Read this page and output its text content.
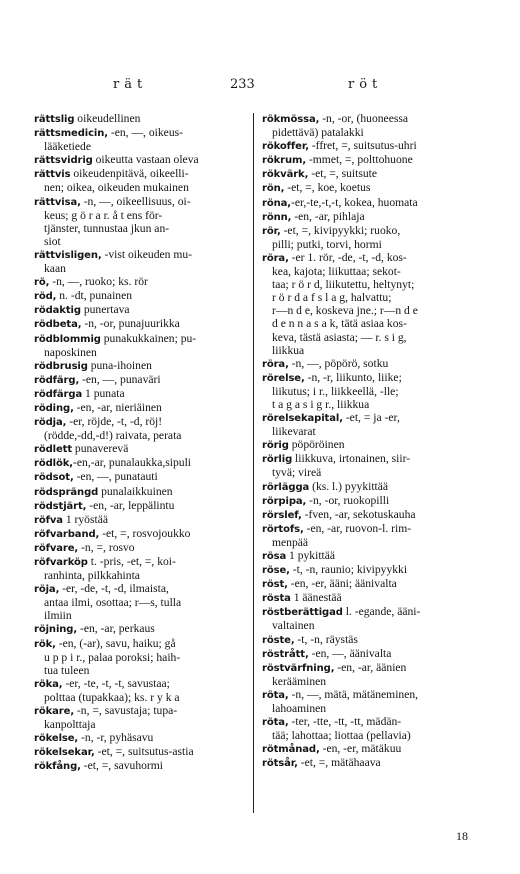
rät	233	röt
rättslig oikeudellinen
rättsmedicin, -en, —, oikeus-
lääketiede
rättsvidrig oikeutta vastaan oleva
rättvis oikeudenpitävä, oikeelli-
nen; oikea, oikeuden mukainen
rättvisa, -n, —, oikeellisuus, oi-
keus; g ö r a r. å t ens för-
tjänster, tunnustaa jkun an-
siot
rättvisligen, -vist oikeuden mu-
kaan
rö, -n, —, ruoko; ks. rör
röd, n. -dt, punainen
rödaktig punertava
rödbeta, -n, -or, punajuurikka
rödblommig punakukkainen; pu-
naposkinen
rödbrusig puna-ihoinen
rödfärg, -en, —, punaväri
rödfärga 1 punata
röding, -en, -ar, nieriäinen
rödja, -er, röjde, -t, -d, röj!
(rödde,-dd,-d!) raivata, perata
rödlett punaverevä
rödlök,-en,-ar, punalaukka,sipuli
rödsot, -en, —, punatauti
rödsprängd punalaikkuinen
rödstjärt, -en, -ar, leppälintu
röfva 1 ryöstää
röfvarband, -et, =, rosvojoukko
röfvare, -n, =, rosvo
röfvarköp t. -pris, -et, =, koi-
ranhinta, pilkkahinta
röja, -er, -de, -t, -d, ilmaista,
antaa ilmi, osottaa; r—s, tulla
ilmiin
röjning, -en, -ar, perkaus
rök, -en, (-ar), savu, haiku; gå
u p p i r., palaa poroksi; haih-
tua tuleen
röka, -er, -te, -t, -t, savustaa;
polttaa (tupakkaa); ks. r y k a
rökare, -n, =, savustaja; tupa-
kanpolttaja
rökelse, -n, -r, pyhäsavu
rökelsekar, -et, =, suitsutus-astia
rökfång, -et, =, savuhormi
rökmössa, -n, -or, (huoneessa
pidettävä) patalakki
rökoffer, -ffret, =, suitsutus-uhri
rökrum, -mmet, =, polttohuone
rökvärk, -et, =, suitsute
rön, -et, =, koe, koetus
röna,-er,-te,-t,-t, kokea, huomata
rönn, -en, -ar, pihlaja
rör, -et, =, kivipyykki; ruoko,
pilli; putki, torvi, hormi
röra, -er 1. rör, -de, -t, -d, kos-
kea, kajota; liikuttaa; sekot-
taa; r ö r d, liikutettu, heltynyt;
r ö r d a f s l a g, halvattu;
r—n d e, koskeva jne.; r—n d e
d e n n a s a k, tätä asiaa kos-
keva, tästä asiasta; — r. s i g,
liikkua
röra, -n, —, pöpörö, sotku
rörelse, -n, -r, liikunto, liike;
liikutus; i r., liikkeellä, -lle;
t a g a s i g r., liikkua
rörelsekapital, -et, = ja -er,
liikevarat
rörig pöpöröinen
rörlig liikkuva, irtonainen, siir-
tyvä; vireä
rörlägga (ks. l.) pyykittää
rörpipa, -n, -or, ruokopilli
rörslef, -fven, -ar, sekotuskauha
rörtofs, -en, -ar, ruovon-l. rim-
menpää
rösa 1 pykittää
röse, -t, -n, raunio; kivipyykki
röst, -en, -er, ääni; äänivalta
rösta 1 äänestää
röstberättigad l. -egande, ääni-
valtainen
röste, -t, -n, räystäs
röstrått, -en, —, äänivalta
röstvärfning, -en, -ar, äänien
kerääminen
röta, -n, —, mätä, mätäneminen,
lahoaminen
röta, -ter, -tte, -tt, -tt, mädän-
tää; lahottaa; liottaa (pellavia)
rötmånad, -en, -er, mätäkuu
rötsår, -et, =, mätähaava
18
